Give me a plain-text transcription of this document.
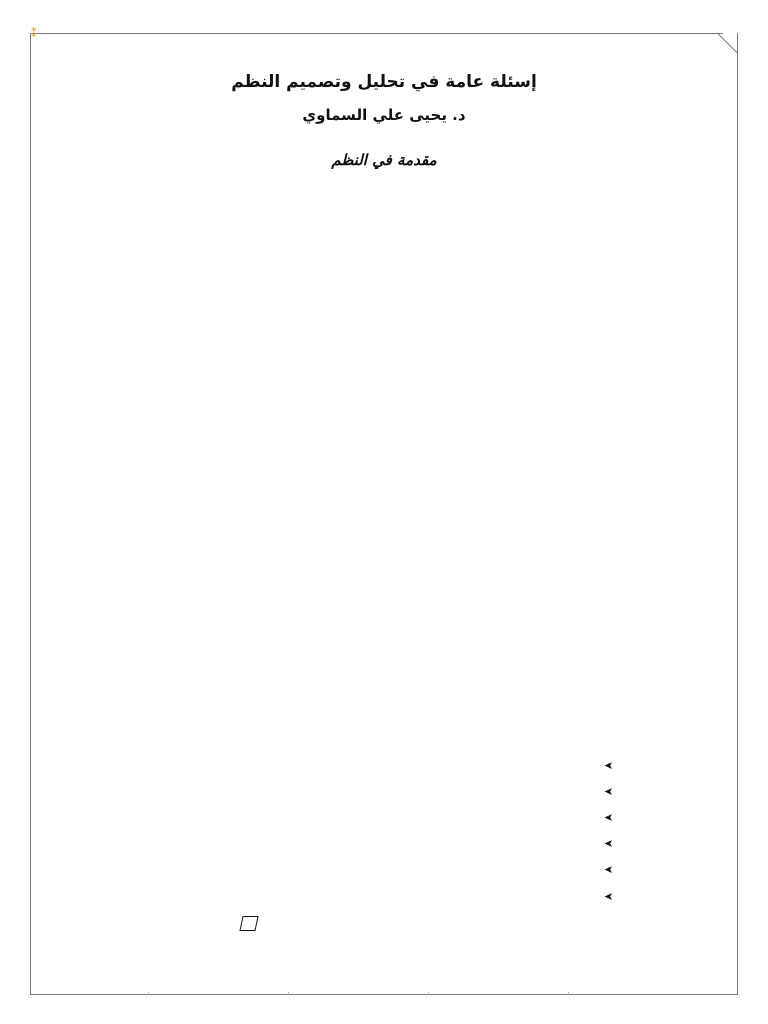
⁑
إسئلة عامة في تحليل وتصميم النظم
د. يحيى علي السماوي
مقدمة في النظم
➤
➤
➤
➤
➤
➤
